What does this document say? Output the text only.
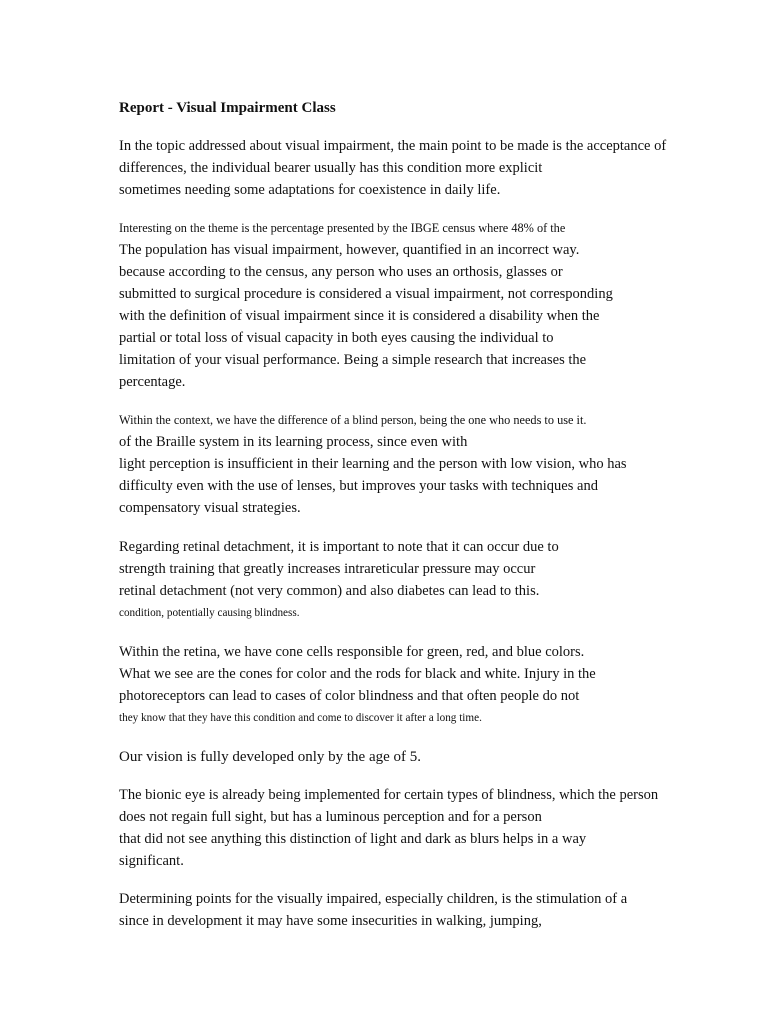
Report - Visual Impairment Class
In the topic addressed about visual impairment, the main point to be made is the acceptance of
differences, the individual bearer usually has this condition more explicit
sometimes needing some adaptations for coexistence in daily life.
Interesting on the theme is the percentage presented by the IBGE census where 48% of the
The population has visual impairment, however, quantified in an incorrect way.
because according to the census, any person who uses an orthosis, glasses or
submitted to surgical procedure is considered a visual impairment, not corresponding
with the definition of visual impairment since it is considered a disability when the
partial or total loss of visual capacity in both eyes causing the individual to
limitation of your visual performance. Being a simple research that increases the
percentage.
Within the context, we have the difference of a blind person, being the one who needs to use it.
of the Braille system in its learning process, since even with
light perception is insufficient in their learning and the person with low vision, who has
difficulty even with the use of lenses, but improves your tasks with techniques and
compensatory visual strategies.
Regarding retinal detachment, it is important to note that it can occur due to
strength training that greatly increases intrareticular pressure may occur
retinal detachment (not very common) and also diabetes can lead to this.
condition, potentially causing blindness.
Within the retina, we have cone cells responsible for green, red, and blue colors.
What we see are the cones for color and the rods for black and white. Injury in the
photoreceptors can lead to cases of color blindness and that often people do not
they know that they have this condition and come to discover it after a long time.
Our vision is fully developed only by the age of 5.
The bionic eye is already being implemented for certain types of blindness, which the person
does not regain full sight, but has a luminous perception and for a person
that did not see anything this distinction of light and dark as blurs helps in a way
significant.
Determining points for the visually impaired, especially children, is the stimulation of a
since in development it may have some insecurities in walking, jumping,
